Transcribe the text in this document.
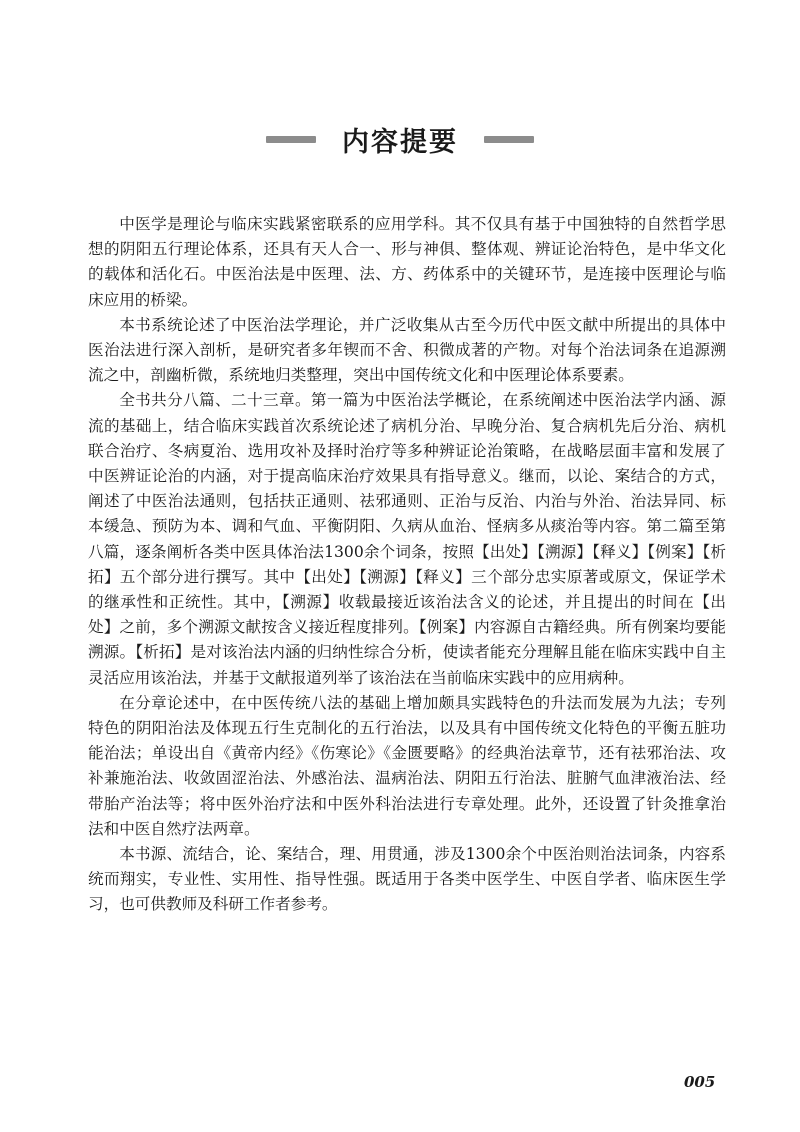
内容提要

中医学是理论与临床实践紧密联系的应用学科。其不仅具有基于中国独特的自然哲学思想的阴阳五行理论体系，还具有天人合一、形与神俱、整体观、辨证论治特色，是中华文化的载体和活化石。中医治法是中医理、法、方、药体系中的关键环节，是连接中医理论与临床应用的桥梁。

本书系统论述了中医治法学理论，并广泛收集从古至今历代中医文献中所提出的具体中医治法进行深入剖析，是研究者多年锲而不舍、积微成著的产物。对每个治法词条在追源溯流之中，剖幽析微，系统地归类整理，突出中国传统文化和中医理论体系要素。

全书共分八篇、二十三章。第一篇为中医治法学概论，在系统阐述中医治法学内涵、源流的基础上，结合临床实践首次系统论述了病机分治、早晚分治、复合病机先后分治、病机联合治疗、冬病夏治、选用攻补及择时治疗等多种辨证论治策略，在战略层面丰富和发展了中医辨证论治的内涵，对于提高临床治疗效果具有指导意义。继而，以论、案结合的方式，阐述了中医治法通则，包括扶正通则、祛邪通则、正治与反治、内治与外治、治法异同、标本缓急、预防为本、调和气血、平衡阴阳、久病从血治、怪病多从痰治等内容。第二篇至第八篇，逐条阐析各类中医具体治法1300余个词条，按照【出处】【溯源】【释义】【例案】【析拓】五个部分进行撰写。其中【出处】【溯源】【释义】三个部分忠实原著或原文，保证学术的继承性和正统性。其中，【溯源】收载最接近该治法含义的论述，并且提出的时间在【出处】之前，多个溯源文献按含义接近程度排列。【例案】内容源自古籍经典。所有例案均要能溯源。【析拓】是对该治法内涵的归纳性综合分析，使读者能充分理解且能在临床实践中自主灵活应用该治法，并基于文献报道列举了该治法在当前临床实践中的应用病种。

在分章论述中，在中医传统八法的基础上增加颇具实践特色的升法而发展为九法；专列特色的阴阳治法及体现五行生克制化的五行治法，以及具有中国传统文化特色的平衡五脏功能治法；单设出自《黄帝内经》《伤寒论》《金匮要略》的经典治法章节，还有祛邪治法、攻补兼施治法、收敛固涩治法、外感治法、温病治法、阴阳五行治法、脏腑气血津液治法、经带胎产治法等；将中医外治疗法和中医外科治法进行专章处理。此外，还设置了针灸推拿治法和中医自然疗法两章。

本书源、流结合，论、案结合，理、用贯通，涉及1300余个中医治则治法词条，内容系统而翔实，专业性、实用性、指导性强。既适用于各类中医学生、中医自学者、临床医生学习，也可供教师及科研工作者参考。

005
